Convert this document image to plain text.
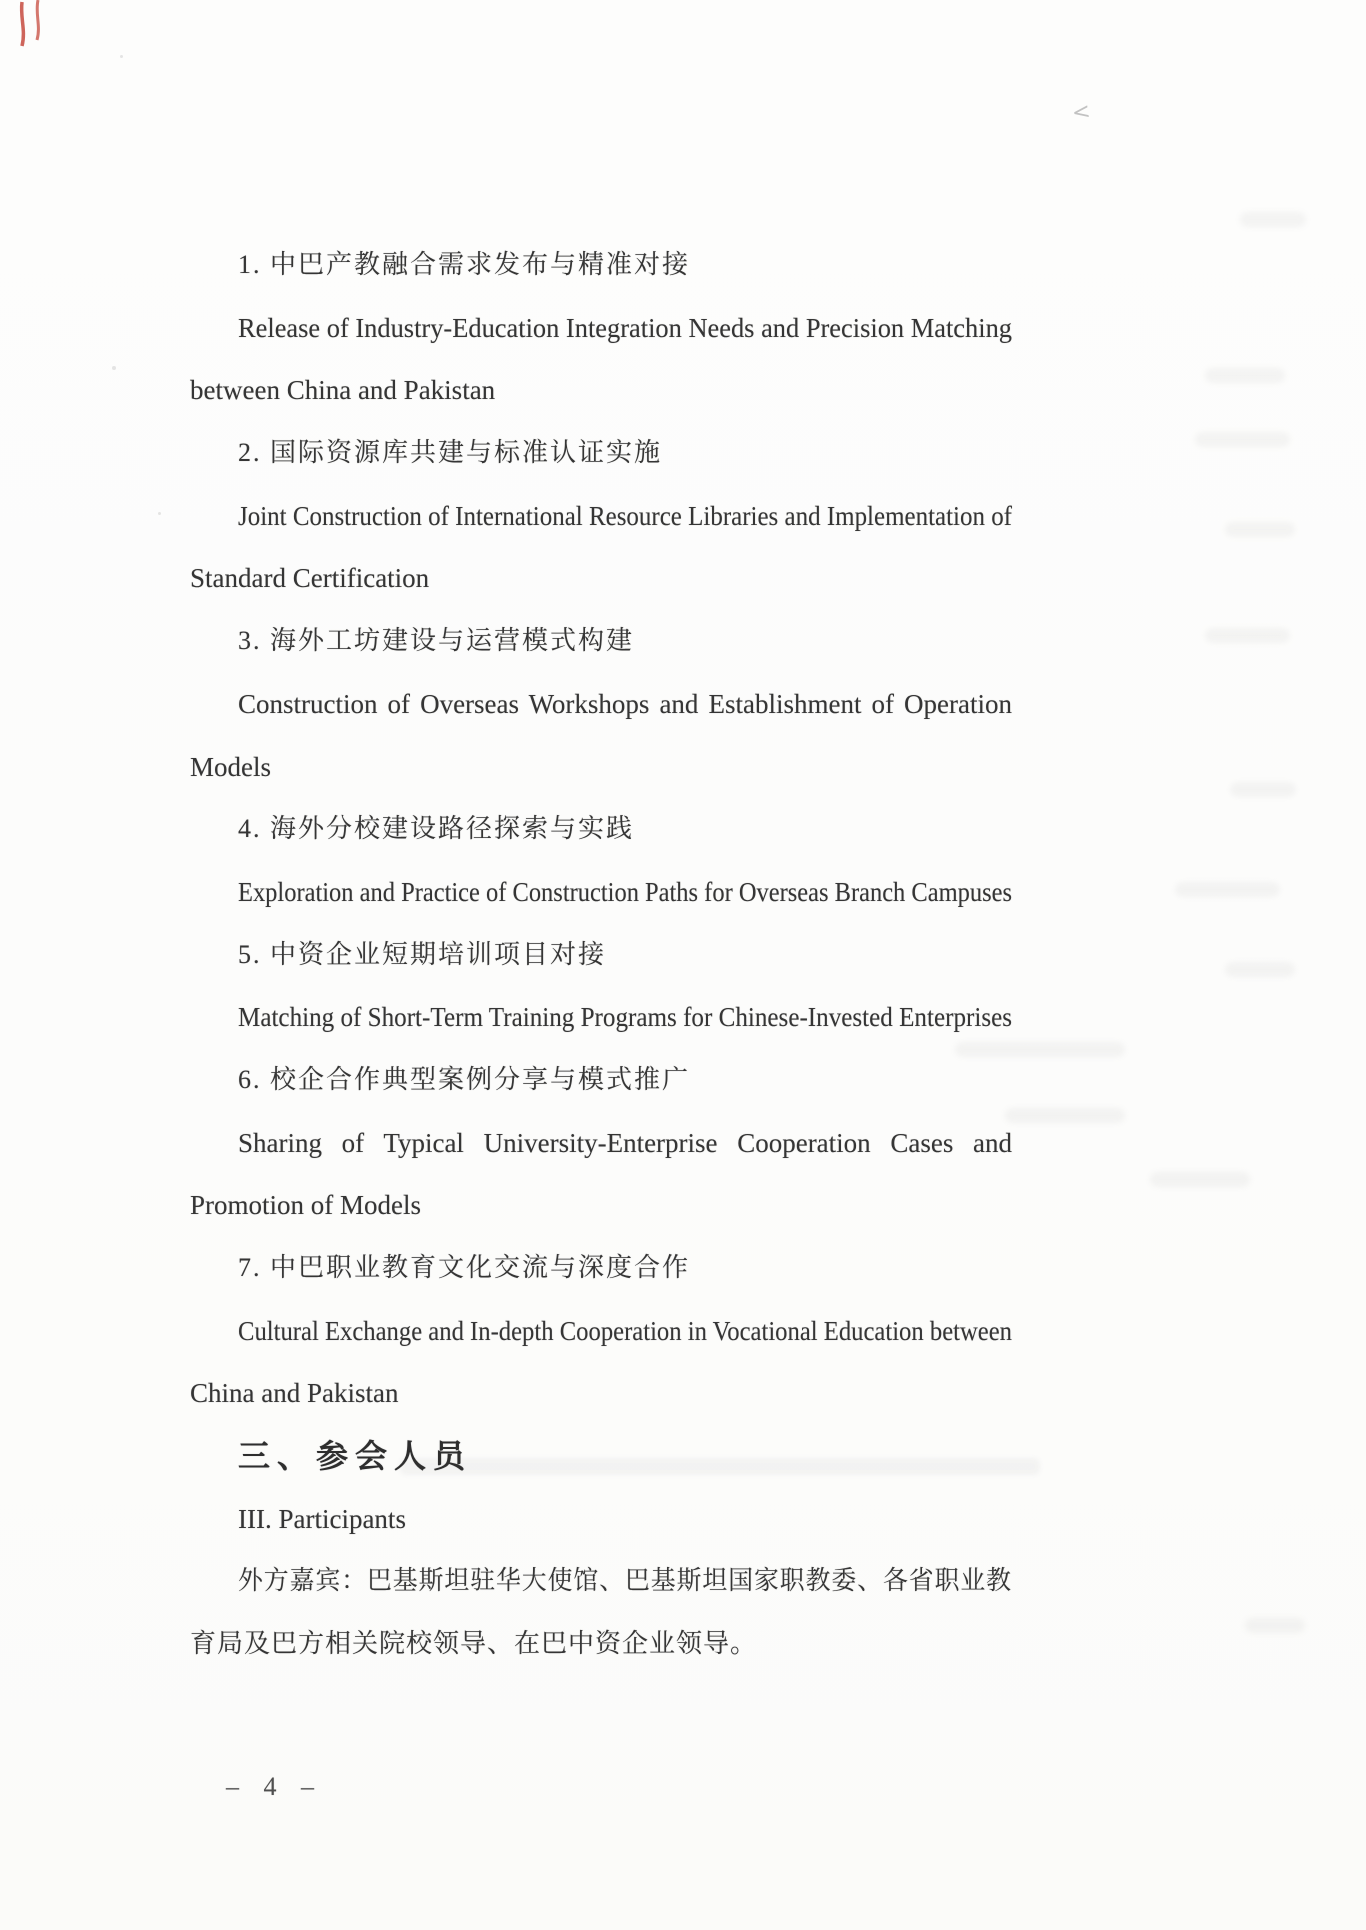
<
1. 中巴产教融合需求发布与精准对接
Release of Industry-Education Integration Needs and Precision Matching
between China and Pakistan
2. 国际资源库共建与标准认证实施
Joint Construction of International Resource Libraries and Implementation of
Standard Certification
3. 海外工坊建设与运营模式构建
Construction of Overseas Workshops and Establishment of Operation
Models
4. 海外分校建设路径探索与实践
Exploration and Practice of Construction Paths for Overseas Branch Campuses
5. 中资企业短期培训项目对接
Matching of Short-Term Training Programs for Chinese-Invested Enterprises
6. 校企合作典型案例分享与模式推广
Sharing of Typical University-Enterprise Cooperation Cases and
Promotion of Models
7. 中巴职业教育文化交流与深度合作
Cultural Exchange and In-depth Cooperation in Vocational Education between
China and Pakistan
三、参会人员
III. Participants
外方嘉宾：巴基斯坦驻华大使馆、巴基斯坦国家职教委、各省职业教
育局及巴方相关院校领导、在巴中资企业领导。
– 4 –
